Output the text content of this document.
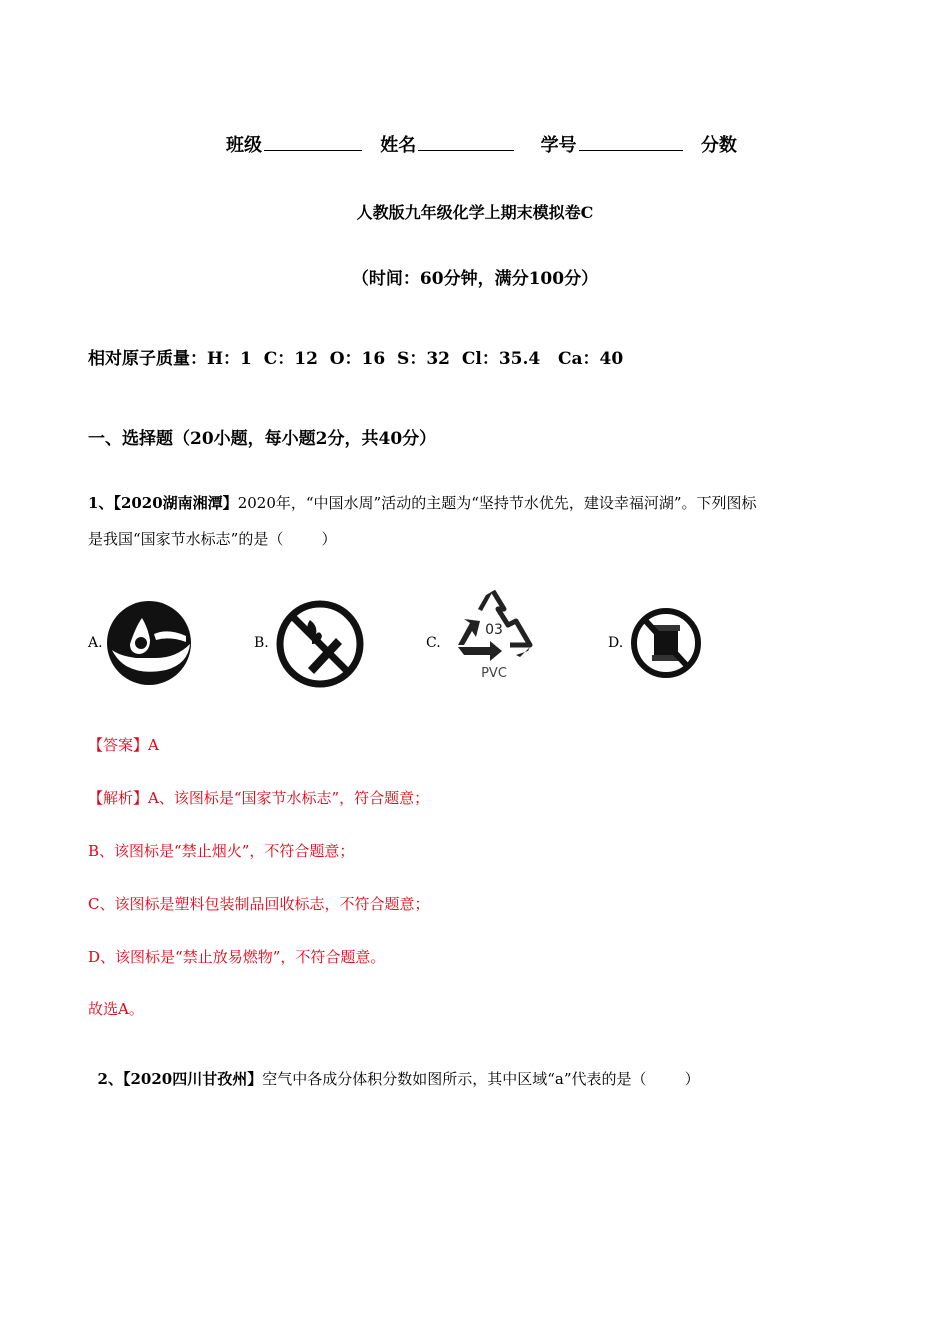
班级	姓名	学号	分数
人教版九年级化学上期末模拟卷C
（时间：60分钟，满分100分）
相对原子质量：H：1  C：12  O：16  S：32  Cl：35.4   Ca：40
一、选择题（20小题，每小题2分，共40分）
1、【2020湖南湘潭】2020年，“中国水周”活动的主题为“坚持节水优先，建设幸福河湖”。下列图标
是我国“国家节水标志”的是（        ）
A.	B.	C.
03
PVC
D.
【答案】A
【解析】A、该图标是“国家节水标志”，符合题意；
B、该图标是“禁止烟火”，不符合题意；
C、该图标是塑料包装制品回收标志，不符合题意；
D、该图标是“禁止放易燃物”，不符合题意。
故选A。

2、【2020四川甘孜州】空气中各成分体积分数如图所示，其中区域“a”代表的是（        ）
